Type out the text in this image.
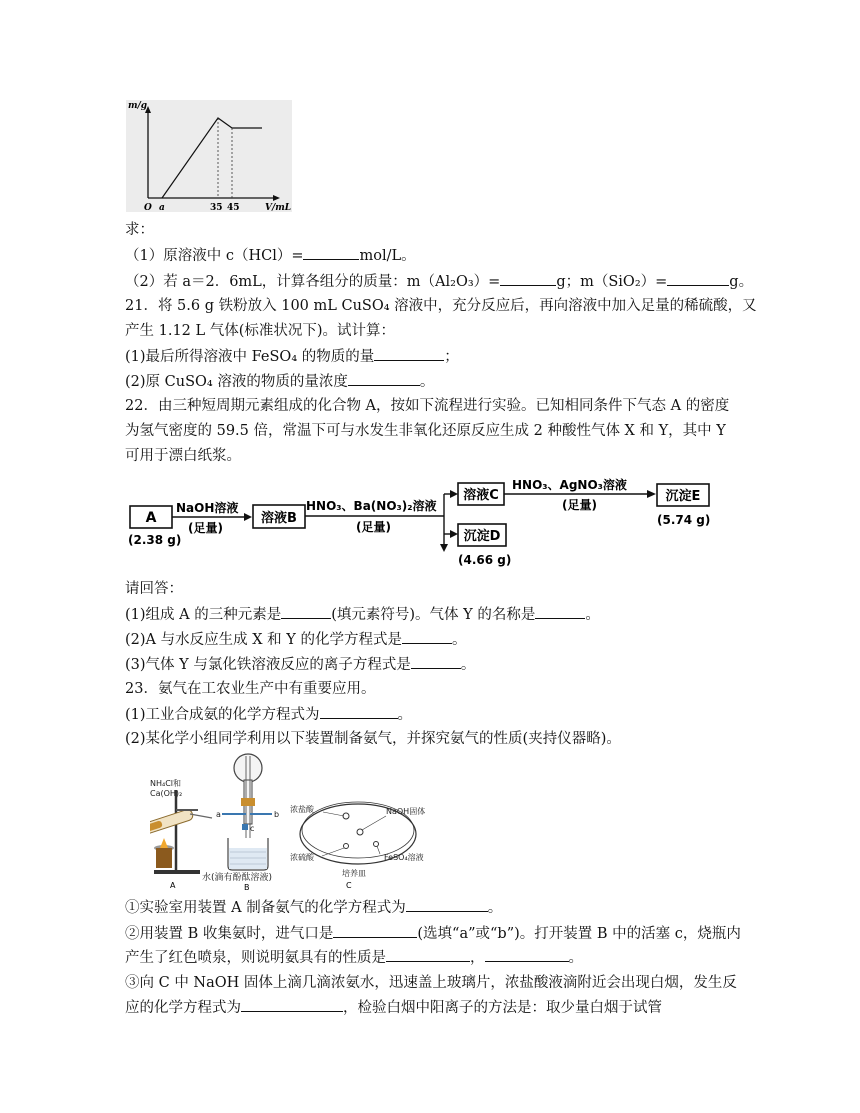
m/g
V/mL
O a	35 45
求：
（1）原溶液中 c（HCl）=	mol/L。
（2）若 a＝2．6mL，计算各组分的质量：m（Al₂O₃）=	g；m（SiO₂）=	g。
21．将 5.6 g 铁粉放入 100 mL CuSO₄ 溶液中，充分反应后，再向溶液中加入足量的稀硫酸，又
产生 1.12 L 气体(标准状况下)。试计算：
(1)最后所得溶液中 FeSO₄ 的物质的量	；
(2)原 CuSO₄ 溶液的物质的量浓度	。
22．由三种短周期元素组成的化合物 A，按如下流程进行实验。已知相同条件下气态 A 的密度
为氢气密度的 59.5 倍，常温下可与水发生非氧化还原反应生成 2 种酸性气体 X 和 Y，其中 Y
可用于漂白纸浆。
A
(2.38 g)
NaOH溶液
(足量)
溶液B
HNO₃、Ba(NO₃)₂溶液
(足量)
溶液C
HNO₃、AgNO₃溶液
(足量)
沉淀E
(5.74 g)
沉淀D
(4.66 g)
请回答：
(1)组成 A 的三种元素是	(填元素符号)。气体 Y 的名称是	。
(2)A 与水反应生成 X 和 Y 的化学方程式是	。
(3)气体 Y 与氯化铁溶液反应的离子方程式是	。
23．氨气在工农业生产中有重要应用。
(1)工业合成氨的化学方程式为	。
(2)某化学小组同学利用以下装置制备氨气，并探究氨气的性质(夹持仪器略)。
NH₄Cl和
Ca(OH)₂
A
a	b
c
水(滴有酚酞溶液)
B
浓盐酸	NaOH固体
浓硫酸	FeSO₄溶液
培养皿
C
①实验室用装置 A 制备氨气的化学方程式为	。
②用装置 B 收集氨时，进气口是	(选填“a”或“b”)。打开装置 B 中的活塞 c，烧瓶内
产生了红色喷泉，则说明氨具有的性质是	，	。
③向 C 中 NaOH 固体上滴几滴浓氨水，迅速盖上玻璃片，浓盐酸液滴附近会出现白烟，发生反
应的化学方程式为	，检验白烟中阳离子的方法是：取少量白烟于试管
